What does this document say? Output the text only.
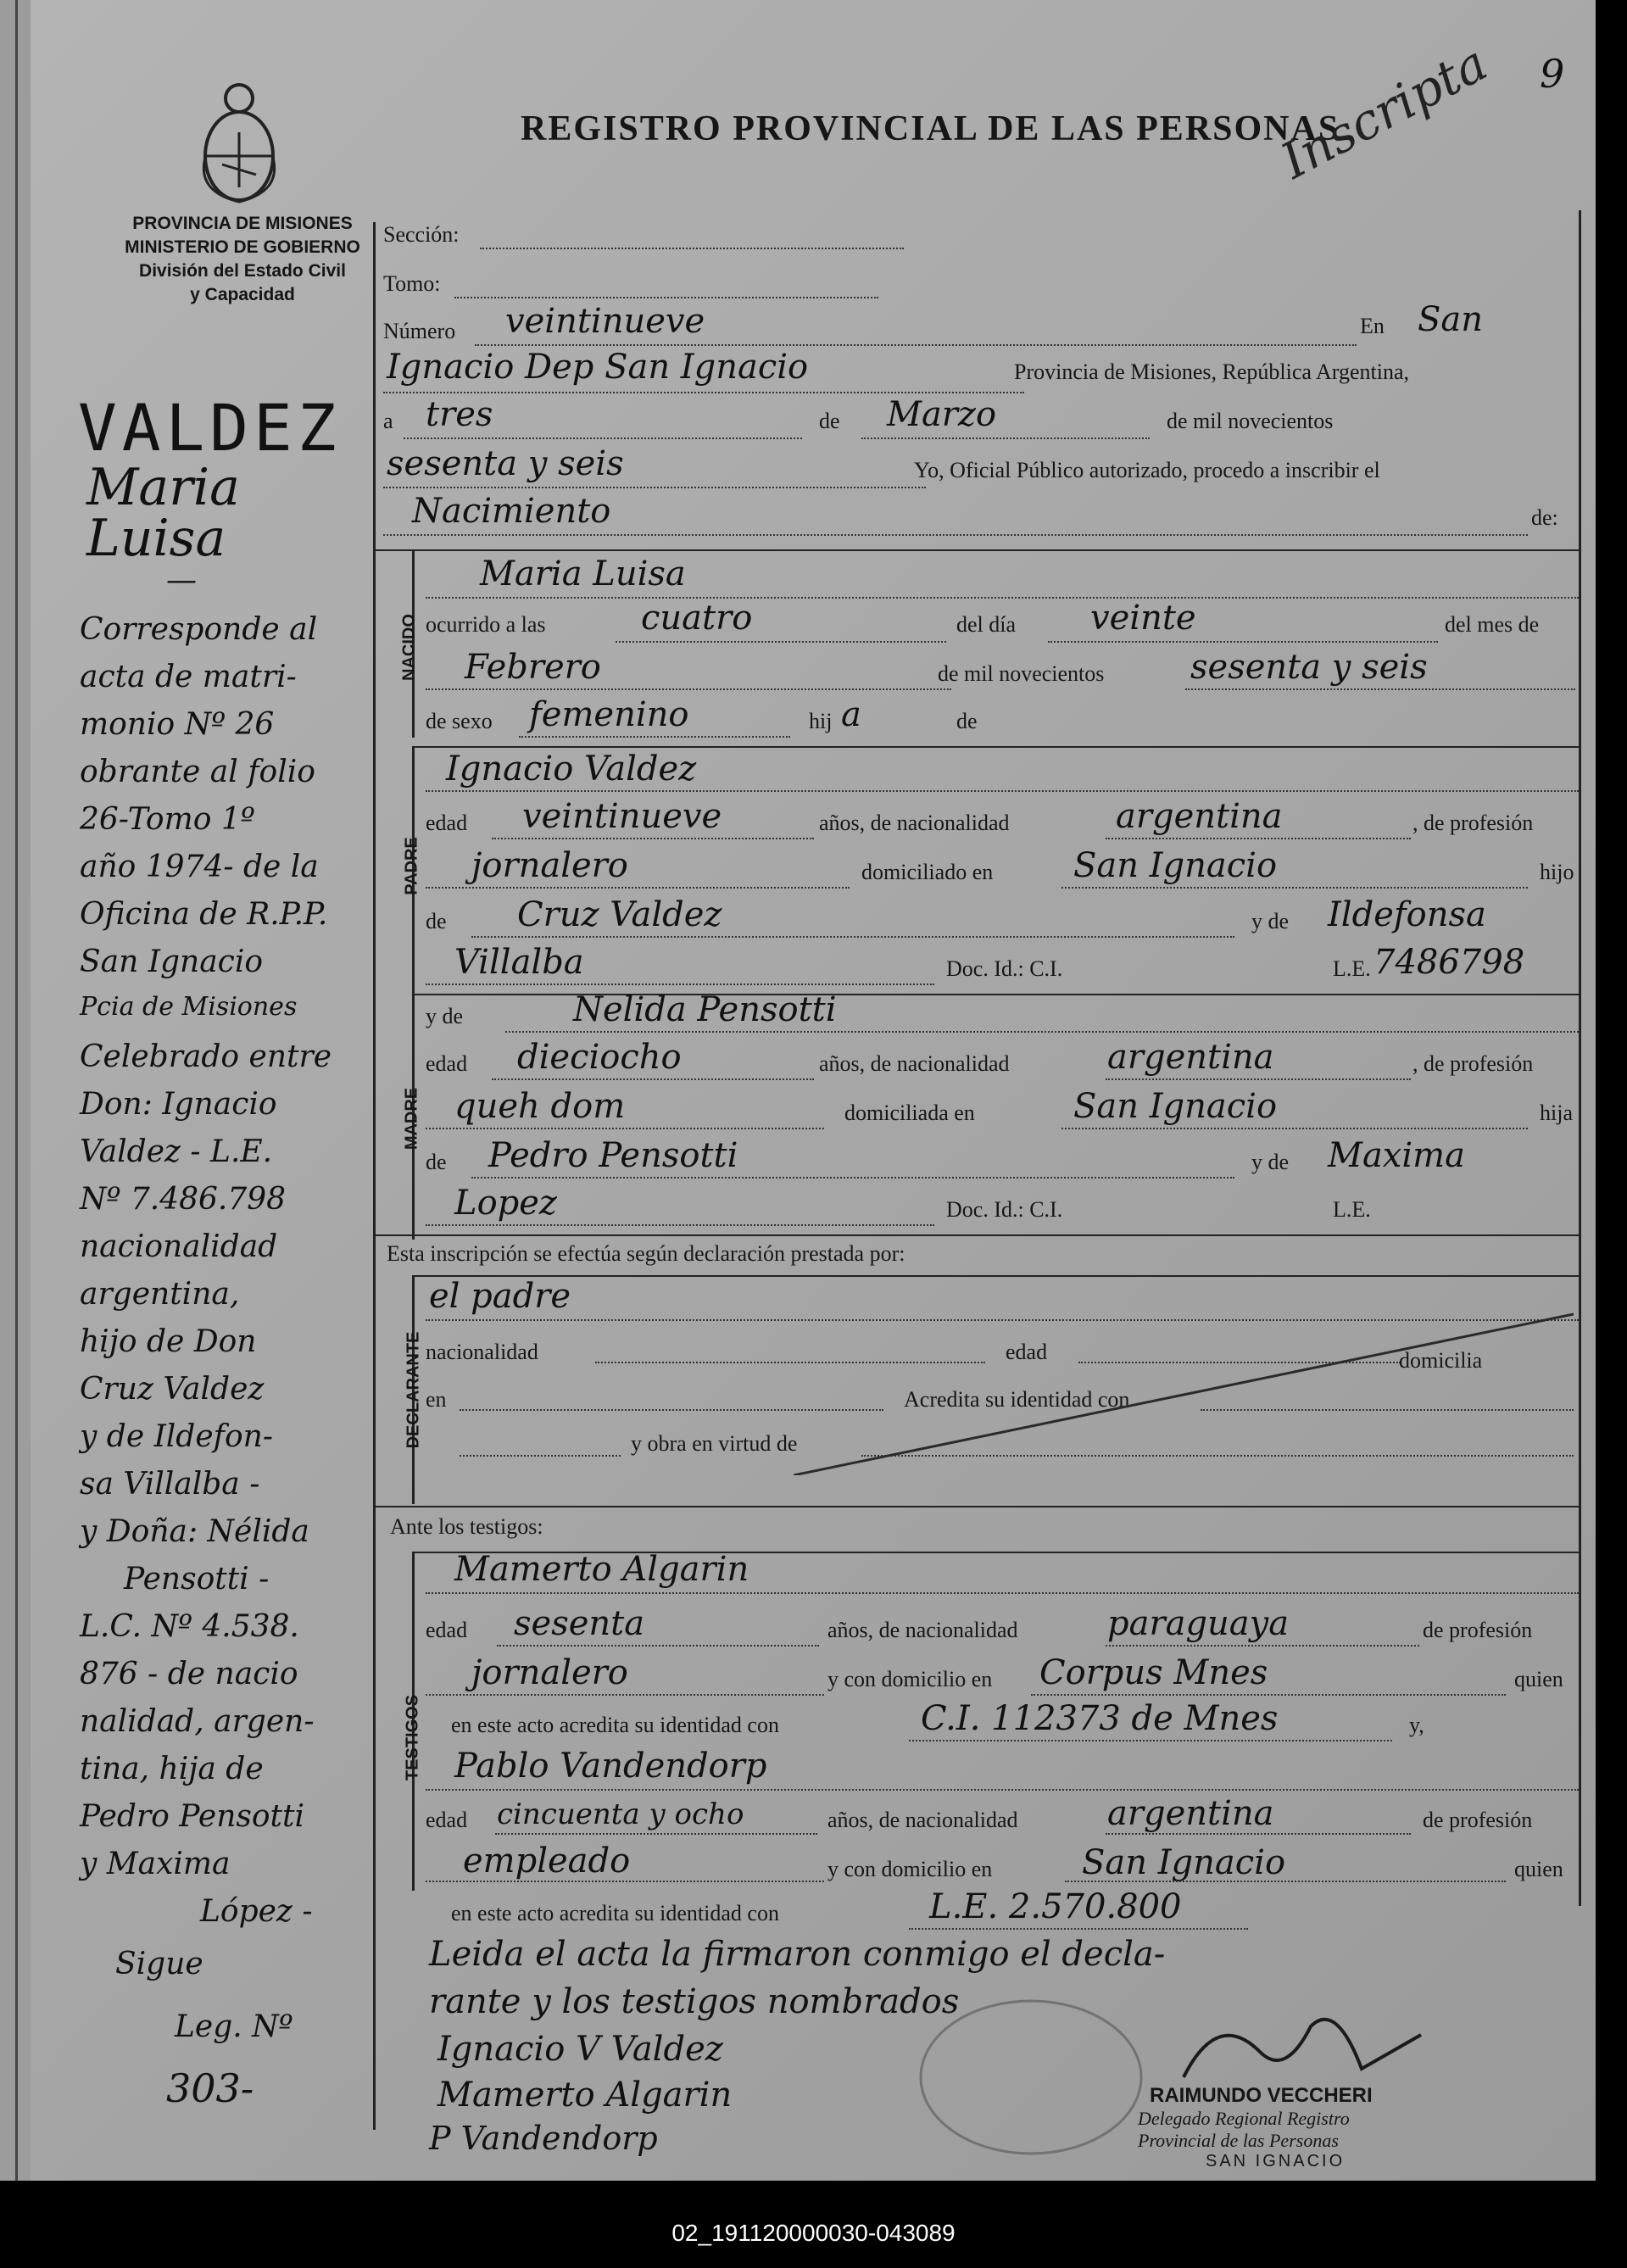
REGISTRO PROVINCIAL DE LAS PERSONAS
9
Inscripta
PROVINCIA DE MISIONES
MINISTERIO DE GOBIERNO
División del Estado Civil
y Capacidad
VALDEZ
Maria
Luisa
—
Corresponde al
acta de matri-
monio Nº 26
obrante al folio
26-Tomo 1º
año 1974- de la
Oficina de R.P.P.
San Ignacio
Pcia de Misiones
Celebrado entre
Don: Ignacio
Valdez - L.E.
Nº 7.486.798
nacionalidad
argentina,
hijo de Don
Cruz Valdez
y de Ildefon-
sa Villalba -
y Doña: Nélida
Pensotti -
L.C. Nº 4.538.
876 - de nacio
nalidad, argen-
tina, hija de
Pedro Pensotti
y Maxima
López -
Sigue
Leg. Nº
303-
Sección:
Tomo:
Número veintinueve	En San
Ignacio Dep San Ignacio	Provincia de Misiones, República Argentina,
a tres	de Marzo	de mil novecientos
sesenta y seis	Yo, Oficial Público autorizado, procedo a inscribir el
Nacimiento	de:
NACIDO
Maria Luisa
ocurrido a las	cuatro	del día veinte	del mes de
Febrero	de mil novecientos	sesenta y seis
de sexo femenino	hij a	de
PADRE
Ignacio Valdez
edad veintinueve	años, de nacionalidad	argentina	, de profesión
jornalero	domiciliado en San Ignacio	hijo
de Cruz Valdez	y de Ildefonsa
Villalba	Doc. Id.: C.I.	L.E. 7486798
MADRE
y de	Nelida Pensotti
edad dieciocho	años, de nacionalidad	argentina	, de profesión
queh dom	domiciliada en	San Ignacio	hija
de Pedro Pensotti	y de Maxima
Lopez	Doc. Id.: C.I.	L.E.
Esta inscripción se efectúa según declaración prestada por:
DECLARANTE
el padre
nacionalidad	edad	domicilia
en	Acredita su identidad con
y obra en virtud de
Ante los testigos:
TESTIGOS
Mamerto Algarin
edad sesenta	años, de nacionalidad	paraguaya	de profesión
jornalero	y con domicilio en Corpus Mnes	quien
en este acto acredita su identidad con	C.I. 112373 de Mnes	y,
Pablo Vandendorp
edad cincuenta y ocho	años, de nacionalidad	argentina	de profesión
empleado	y con domicilio en	San Ignacio	quien
en este acto acredita su identidad con	L.E. 2.570.800
Leida el acta la firmaron conmigo el decla-
rante y los testigos nombrados
Ignacio V Valdez
Mamerto Algarin
P Vandendorp
RAIMUNDO VECCHERI
Delegado Regional Registro
Provincial de las Personas
SAN IGNACIO
02_191120000030-043089
